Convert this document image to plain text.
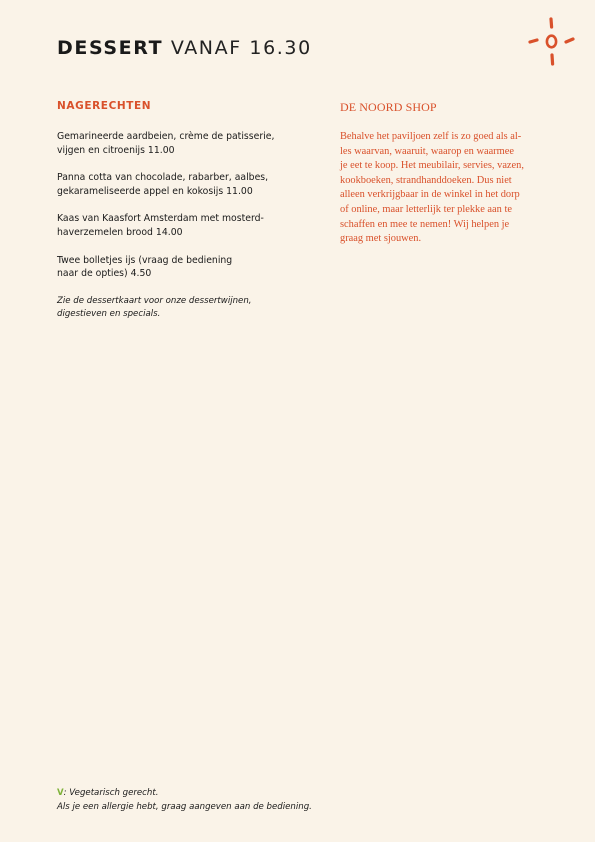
DESSERT VANAF 16.30
NAGERECHTEN
Gemarineerde aardbeien, crème de patisserie,
vijgen en citroenijs 11.00
Panna cotta van chocolade, rabarber, aalbes,
gekarameliseerde appel en kokosijs 11.00
Kaas van Kaasfort Amsterdam met mosterd-
haverzemelen brood 14.00
Twee bolletjes ijs (vraag de bediening
naar de opties) 4.50
Zie de dessertkaart voor onze dessertwijnen,
digestieven en specials.
DE NOORD SHOP
Behalve het paviljoen zelf is zo goed als al-
les waarvan, waaruit, waarop en waarmee
je eet te koop. Het meubilair, servies, vazen,
kookboeken, strandhanddoeken. Dus niet
alleen verkrijgbaar in de winkel in het dorp
of online, maar letterlijk ter plekke aan te
schaffen en mee te nemen! Wij helpen je
graag met sjouwen.
V: Vegetarisch gerecht.
Als je een allergie hebt, graag aangeven aan de bediening.
